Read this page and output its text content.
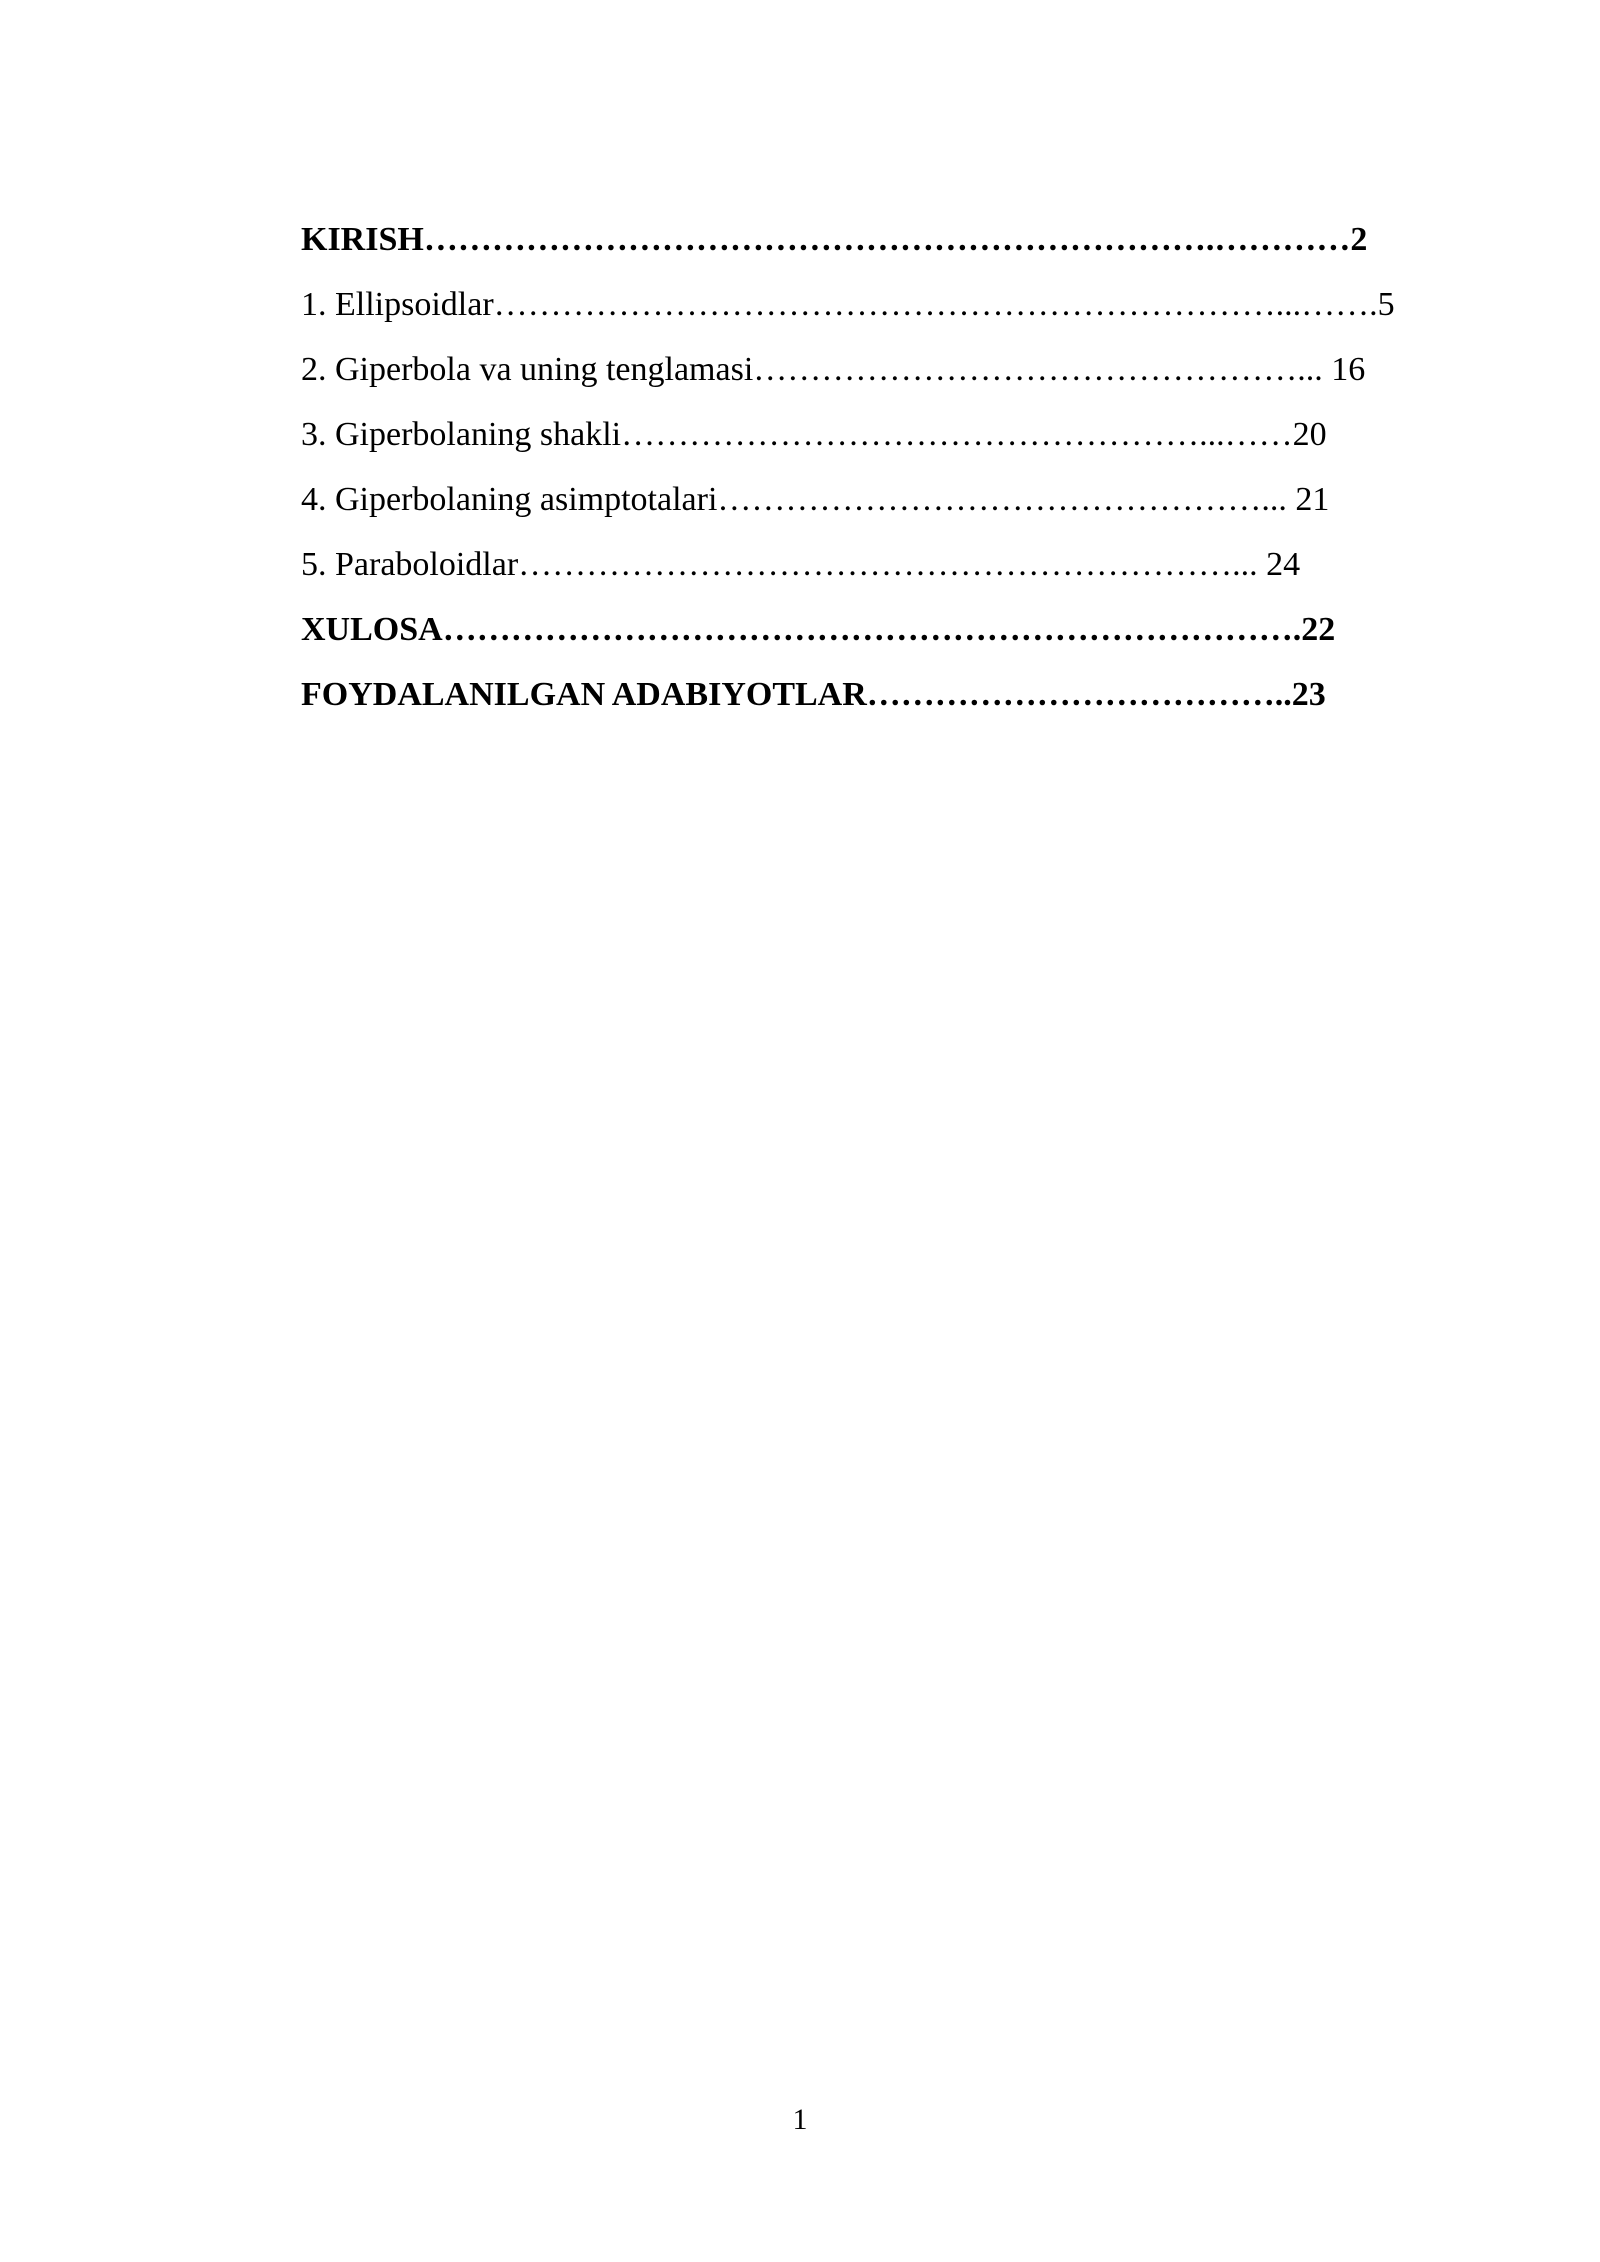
KIRISH…………………………………………………………….…………2
1. Ellipsoidlar……………………………………………………………...…….5
2. Giperbola va uning tenglamasi…………………………………………... 16
3. Giperbolaning shakli……………………………………………...……20
4. Giperbolaning asimptotalari…………………………………………... 21
5. Paraboloidlar………………………………………………………... 24
XULOSA………………………………………………………………….22
FOYDALANILGAN ADABIYOTLAR………………………………..23
1
